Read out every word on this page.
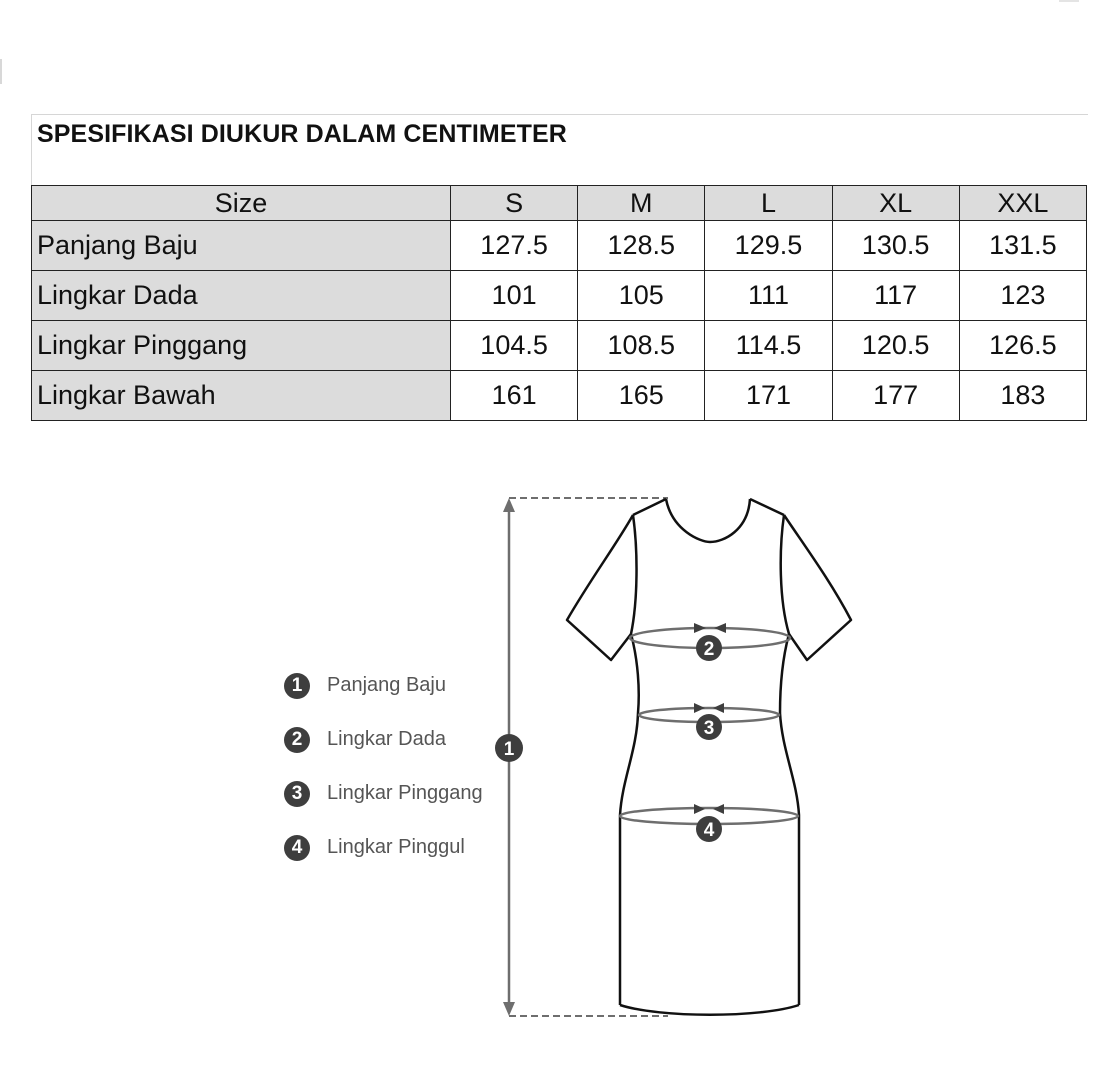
SPESIFIKASI DIUKUR DALAM CENTIMETER
Size	S	M	L	XL	XXL
Panjang Baju	127.5	128.5	129.5	130.5	131.5
Lingkar Dada	101	105	111	117	123
Lingkar Pinggang	104.5	108.5	114.5	120.5	126.5
Lingkar Bawah	161	165	171	177	183
1
2
3
4
1	Panjang Baju
2	Lingkar Dada
3	Lingkar Pinggang
4	Lingkar Pinggul
